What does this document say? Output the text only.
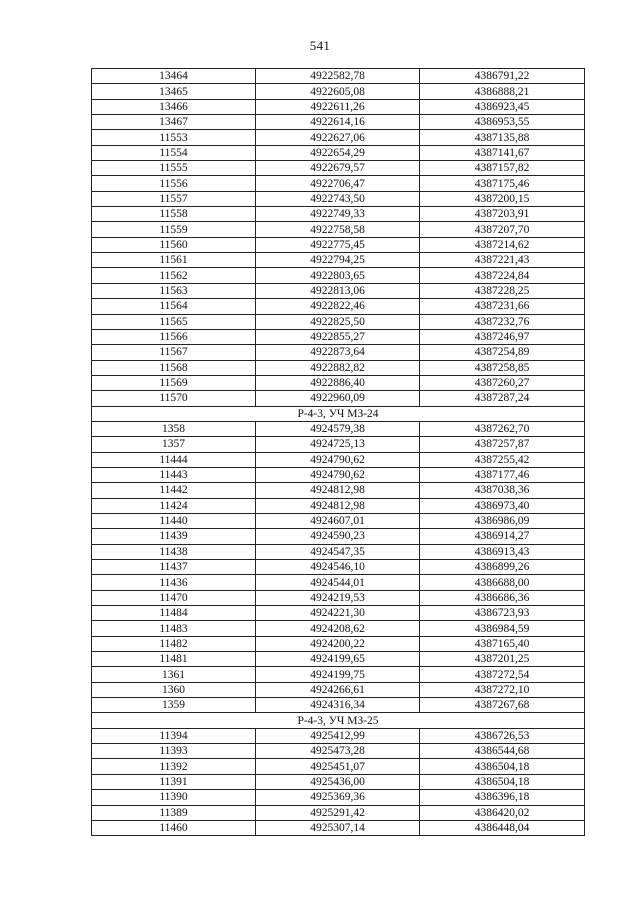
541
13464	4922582,78	4386791,22
13465	4922605,08	4386888,21
13466	4922611,26	4386923,45
13467	4922614,16	4386953,55
11553	4922627,06	4387135,88
11554	4922654,29	4387141,67
11555	4922679,57	4387157,82
11556	4922706,47	4387175,46
11557	4922743,50	4387200,15
11558	4922749,33	4387203,91
11559	4922758,58	4387207,70
11560	4922775,45	4387214,62
11561	4922794,25	4387221,43
11562	4922803,65	4387224,84
11563	4922813,06	4387228,25
11564	4922822,46	4387231,66
11565	4922825,50	4387232,76
11566	4922855,27	4387246,97
11567	4922873,64	4387254,89
11568	4922882,82	4387258,85
11569	4922886,40	4387260,27
11570	4922960,09	4387287,24
Р-4-3, УЧ МЗ-24		
1358	4924579,38	4387262,70
1357	4924725,13	4387257,87
11444	4924790,62	4387255,42
11443	4924790,62	4387177,46
11442	4924812,98	4387038,36
11424	4924812,98	4386973,40
11440	4924607,01	4386986,09
11439	4924590,23	4386914,27
11438	4924547,35	4386913,43
11437	4924546,10	4386899,26
11436	4924544,01	4386688,00
11470	4924219,53	4386686,36
11484	4924221,30	4386723,93
11483	4924208,62	4386984,59
11482	4924200,22	4387165,40
11481	4924199,65	4387201,25
1361	4924199,75	4387272,54
1360	4924266,61	4387272,10
1359	4924316,34	4387267,68
Р-4-3, УЧ МЗ-25		
11394	4925412,99	4386726,53
11393	4925473,28	4386544,68
11392	4925451,07	4386504,18
11391	4925436,00	4386504,18
11390	4925369,36	4386396,18
11389	4925291,42	4386420,02
11460	4925307,14	4386448,04
